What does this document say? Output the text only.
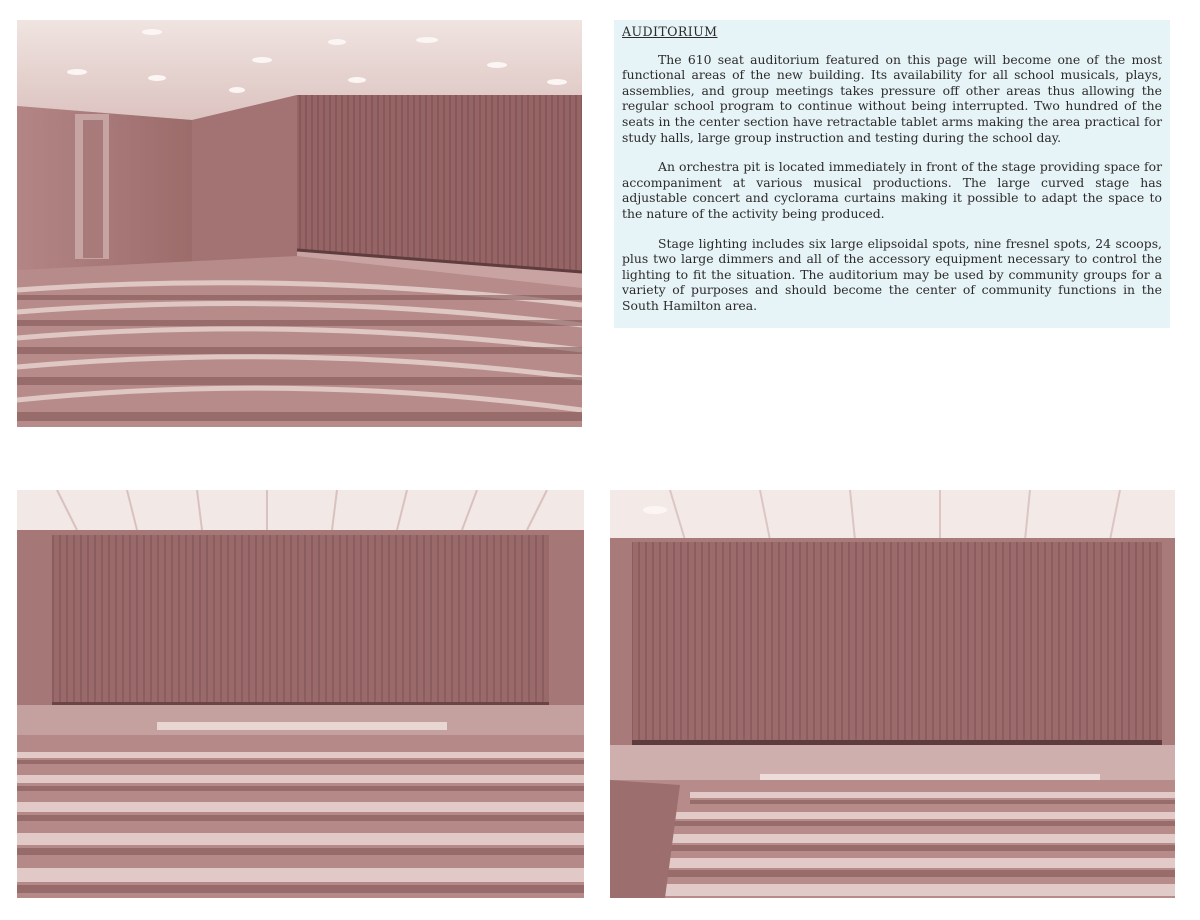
AUDITORIUM

The 610 seat auditorium featured on this page will become one of the most functional areas of the new building. Its availability for all school musicals, plays, assemblies, and group meetings takes pressure off other areas thus allowing the regular school program to continue without being interrupted. Two hundred of the seats in the center section have retractable tablet arms making the area practical for study halls, large group instruction and testing during the school day.

An orchestra pit is located immediately in front of the stage providing space for accompaniment at various musical productions. The large curved stage has adjustable concert and cyclorama curtains making it possible to adapt the space to the nature of the activity being produced.

Stage lighting includes six large elipsoidal spots, nine fresnel spots, 24 scoops, plus two large dimmers and all of the accessory equipment necessary to control the lighting to fit the situation. The auditorium may be used by community groups for a variety of purposes and should become the center of community functions in the South Hamilton area.
